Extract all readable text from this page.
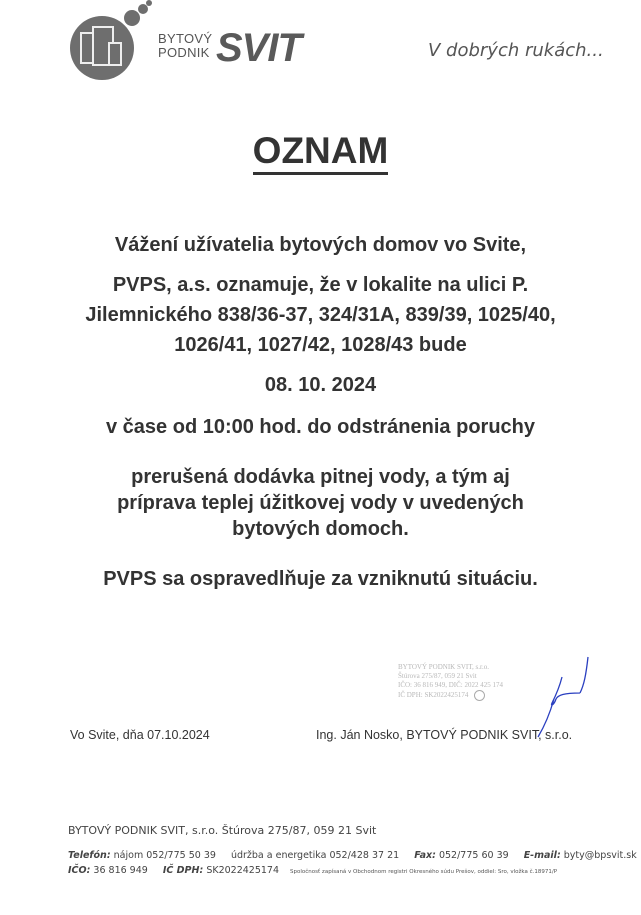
BYTOVÝ
PODNIK SVIT	V dobrých rukách...
OZNAM
Vážení užívatelia bytových domov vo Svite,
PVPS, a.s. oznamuje, že v lokalite na ulici P.
Jilemnického 838/36-37, 324/31A, 839/39, 1025/40,
1026/41, 1027/42, 1028/43 bude
08. 10. 2024
v čase od 10:00 hod. do odstránenia poruchy
prerušená dodávka pitnej vody, a tým aj
príprava teplej úžitkovej vody v uvedených
bytových domoch.
PVPS sa ospravedlňuje za vzniknutú situáciu.
BYTOVÝ PODNIK SVIT, s.r.o.
Štúrova 275/87, 059 21 Svit
IČO: 36 816 949, DIČ: 2022 425 174
IČ DPH: SK2022425174
Vo Svite, dňa 07.10.2024	Ing. Ján Nosko, BYTOVÝ PODNIK SVIT, s.r.o.
BYTOVÝ PODNIK SVIT, s.r.o. Štúrova 275/87, 059 21 Svit
Telefón: nájom 052/775 50 39 údržba a energetika 052/428 37 21 Fax: 052/775 60 39 E-mail: byty@bpsvit.sk
IČO: 36 816 949 IČ DPH: SK2022425174 Spoločnosť zapísaná v Obchodnom registri Okresného súdu Prešov, oddiel: Sro, vložka č.18971/P
